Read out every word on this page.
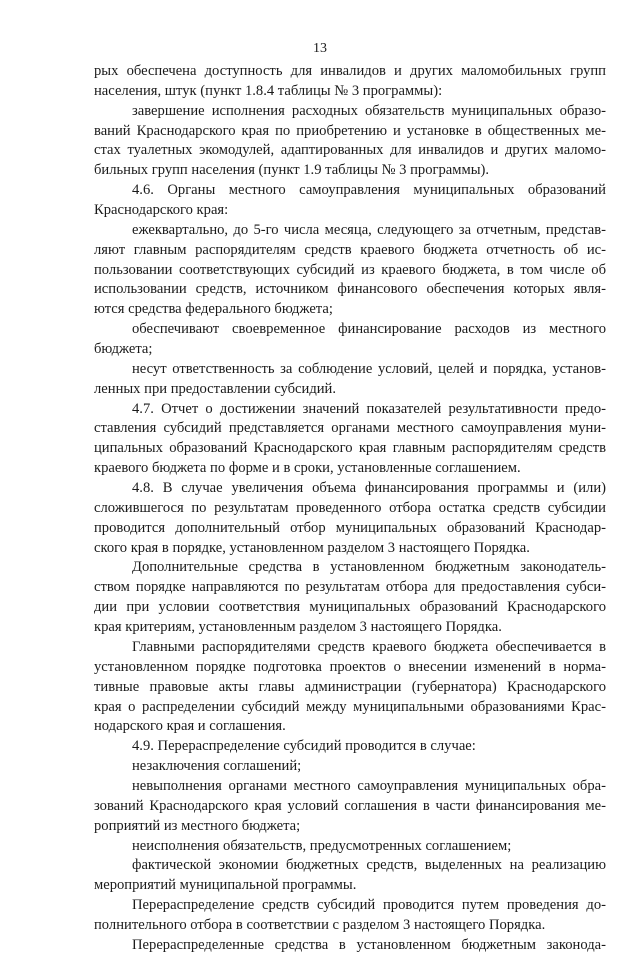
13
рых обеспечена доступность для инвалидов и других маломобильных групп
населения, штук (пункт 1.8.4 таблицы № 3 программы):
завершение исполнения расходных обязательств муниципальных образо-
ваний Краснодарского края по приобретению и установке в общественных ме-
стах туалетных экомодулей, адаптированных для инвалидов и других маломо-
бильных групп населения (пункт 1.9 таблицы № 3 программы).
4.6. Органы местного самоуправления муниципальных образований
Краснодарского края:
ежеквартально, до 5-го числа месяца, следующего за отчетным, представ-
ляют главным распорядителям средств краевого бюджета отчетность об ис-
пользовании соответствующих субсидий из краевого бюджета, в том числе об
использовании средств, источником финансового обеспечения которых явля-
ются средства федерального бюджета;
обеспечивают своевременное финансирование расходов из местного
бюджета;
несут ответственность за соблюдение условий, целей и порядка, установ-
ленных при предоставлении субсидий.
4.7. Отчет о достижении значений показателей результативности предо-
ставления субсидий представляется органами местного самоуправления муни-
ципальных образований Краснодарского края главным распорядителям средств
краевого бюджета по форме и в сроки, установленные соглашением.
4.8. В случае увеличения объема финансирования программы и (или)
сложившегося по результатам проведенного отбора остатка средств субсидии
проводится дополнительный отбор муниципальных образований Краснодар-
ского края в порядке, установленном разделом 3 настоящего Порядка.
Дополнительные средства в установленном бюджетным законодатель-
ством порядке направляются по результатам отбора для предоставления субси-
дии при условии соответствия муниципальных образований Краснодарского
края критериям, установленным разделом 3 настоящего Порядка.
Главными распорядителями средств краевого бюджета обеспечивается в
установленном порядке подготовка проектов о внесении изменений в норма-
тивные правовые акты главы администрации (губернатора) Краснодарского
края о распределении субсидий между муниципальными образованиями Крас-
нодарского края и соглашения.
4.9. Перераспределение субсидий проводится в случае:
незаключения соглашений;
невыполнения органами местного самоуправления муниципальных обра-
зований Краснодарского края условий соглашения в части финансирования ме-
роприятий из местного бюджета;
неисполнения обязательств, предусмотренных соглашением;
фактической экономии бюджетных средств, выделенных на реализацию
мероприятий муниципальной программы.
Перераспределение средств субсидий проводится путем проведения до-
полнительного отбора в соответствии с разделом 3 настоящего Порядка.
Перераспределенные средства в установленном бюджетным законода-
